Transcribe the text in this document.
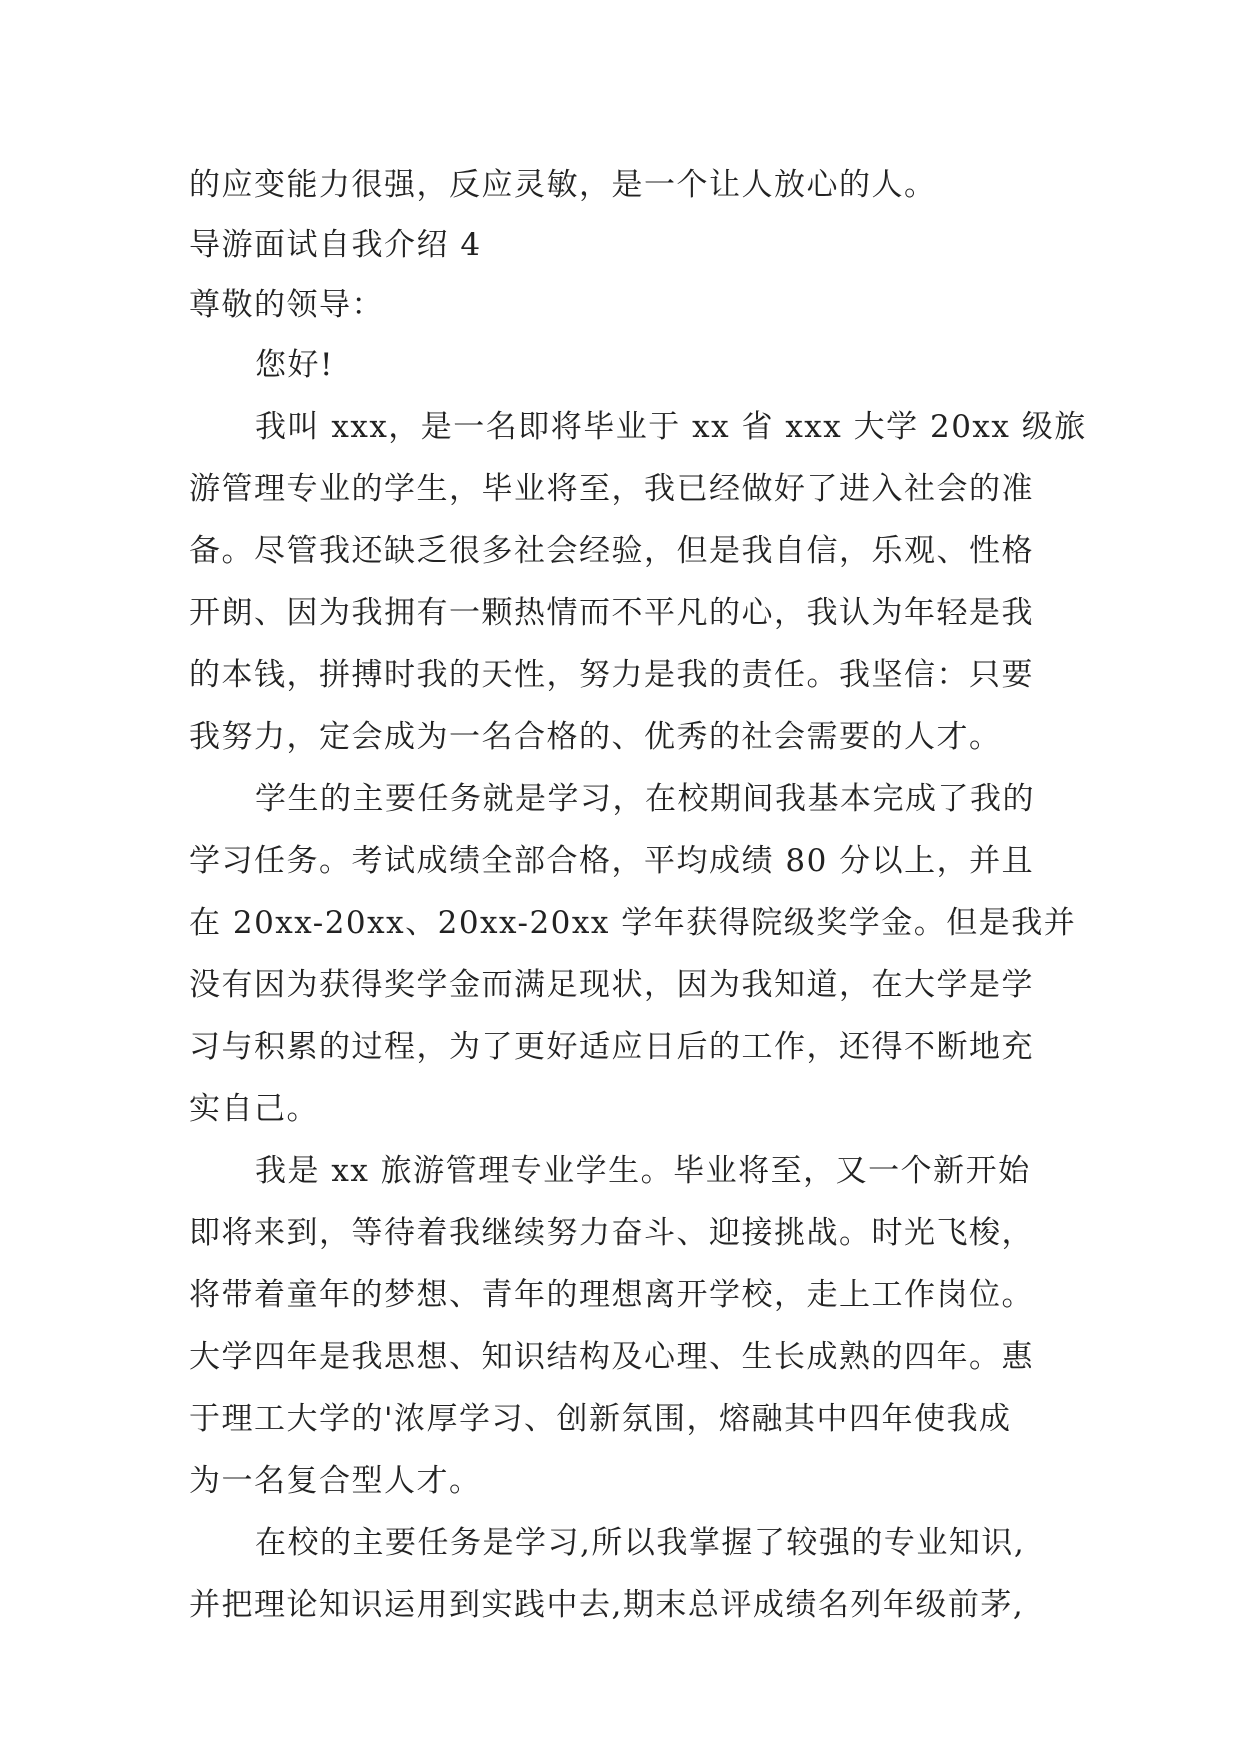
的应变能力很强，反应灵敏，是一个让人放心的人。
导游面试自我介绍 4
尊敬的领导：
您好!
我叫 xxx，是一名即将毕业于 xx 省 xxx 大学 20xx 级旅
游管理专业的学生，毕业将至，我已经做好了进入社会的准
备。尽管我还缺乏很多社会经验，但是我自信，乐观、性格
开朗、因为我拥有一颗热情而不平凡的心，我认为年轻是我
的本钱，拼搏时我的天性，努力是我的责任。我坚信：只要
我努力，定会成为一名合格的、优秀的社会需要的人才。
学生的主要任务就是学习，在校期间我基本完成了我的
学习任务。考试成绩全部合格，平均成绩 80 分以上，并且
在 20xx-20xx、20xx-20xx 学年获得院级奖学金。但是我并
没有因为获得奖学金而满足现状，因为我知道，在大学是学
习与积累的过程，为了更好适应日后的工作，还得不断地充
实自己。
我是 xx 旅游管理专业学生。毕业将至，又一个新开始
即将来到，等待着我继续努力奋斗、迎接挑战。时光飞梭，
将带着童年的梦想、青年的理想离开学校，走上工作岗位。
大学四年是我思想、知识结构及心理、生长成熟的四年。惠
于理工大学的'浓厚学习、创新氛围，熔融其中四年使我成
为一名复合型人才。
在校的主要任务是学习,所以我掌握了较强的专业知识,
并把理论知识运用到实践中去,期末总评成绩名列年级前茅,
